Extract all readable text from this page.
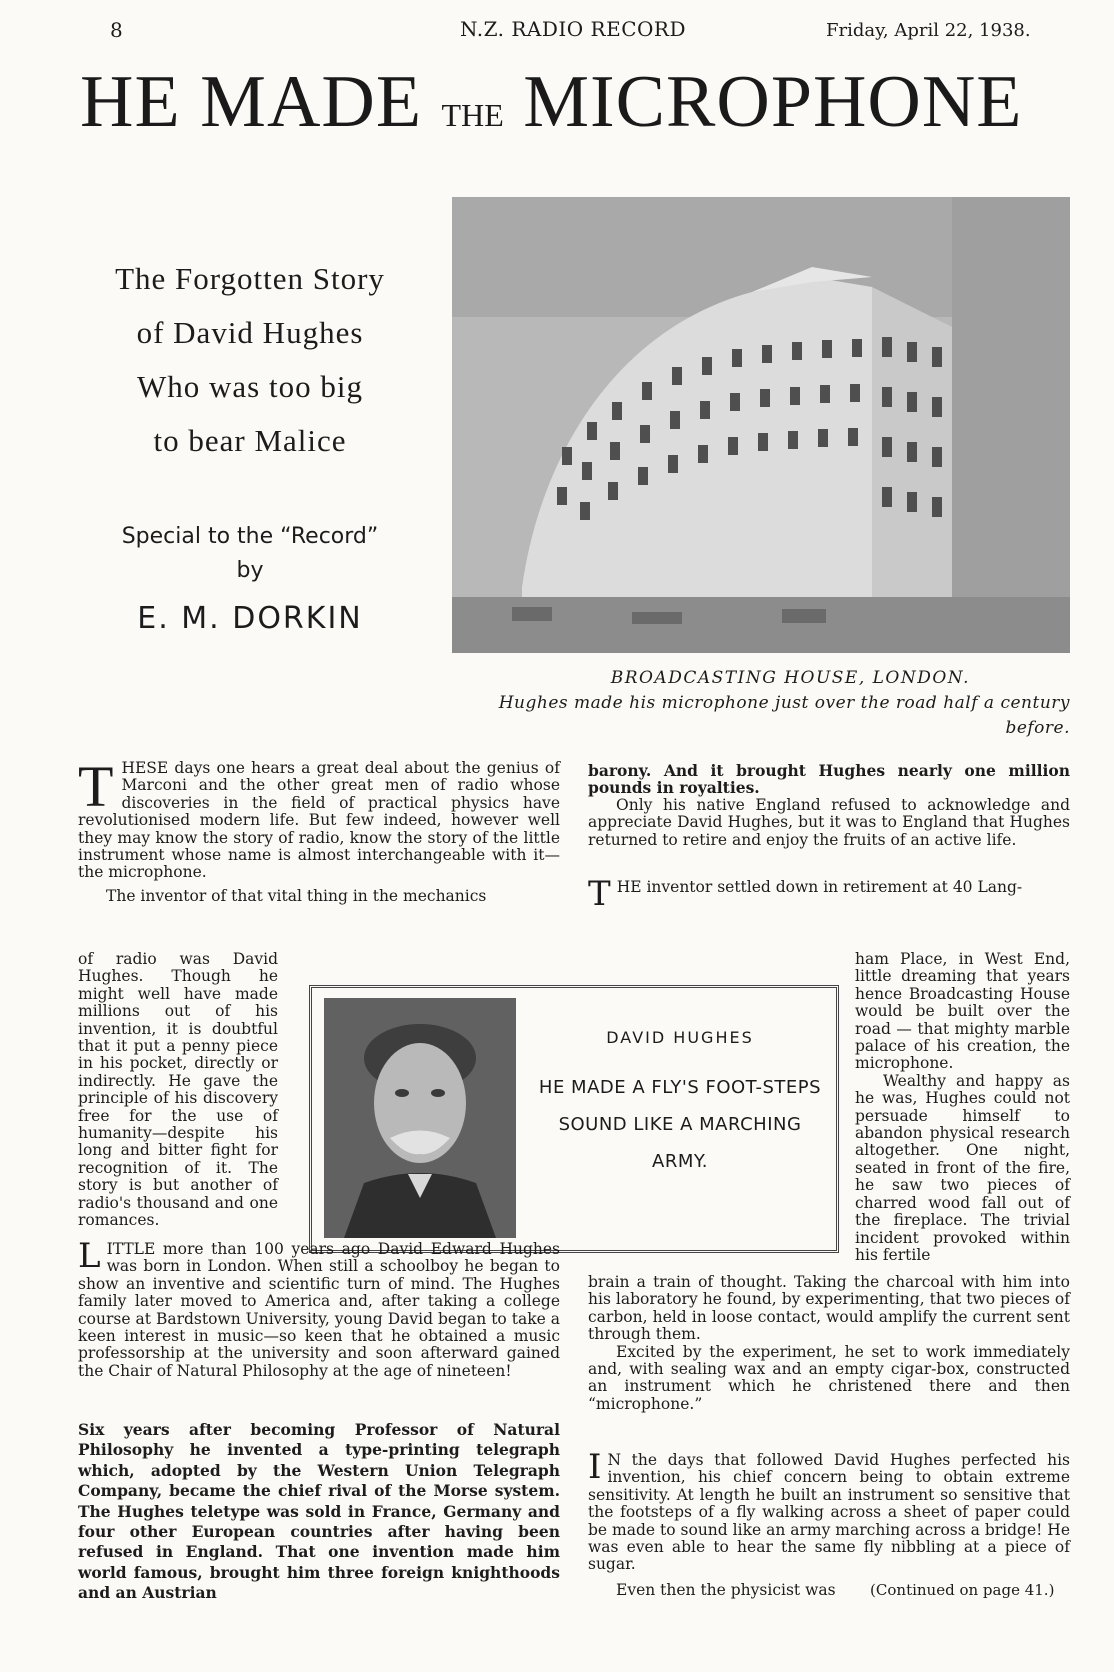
8	N.Z. RADIO RECORD	Friday, April 22, 1938.
HE MADE THE MICROPHONE
The Forgotten Story
of David Hughes
Who was too big
to bear Malice
Special to the “Record”
by
E. M. DORKIN
BROADCASTING HOUSE, LONDON.
Hughes made his microphone just over the road half a century before.

THESE days one hears a great deal about the genius of Marconi and the other great men of radio whose discoveries in the field of practical physics have revolutionised modern life. But few indeed, however well they may know the story of radio, know the story of the little instrument whose name is almost interchangeable with it—the microphone.

The inventor of that vital thing in the mechanics

of radio was David Hughes. Though he might well have made millions out of his invention, it is doubtful that it put a penny piece in his pocket, directly or indirectly. He gave the principle of his discovery free for the use of humanity—despite his long and bitter fight for recognition of it. The story is but another of radio's thousand and one romances.

barony. And it brought Hughes nearly one million pounds in royalties.

Only his native England refused to acknowledge and appreciate David Hughes, but it was to England that Hughes returned to retire and enjoy the fruits of an active life.

THE inventor settled down in retirement at 40 Lang-

ham Place, in West End, little dreaming that years hence Broadcasting House would be built over the road — that mighty marble palace of his creation, the microphone.

Wealthy and happy as he was, Hughes could not persuade himself to abandon physical research altogether. One night, seated in front of the fire, he saw two pieces of charred wood fall out of the fireplace. The trivial incident provoked within his fertile

DAVID HUGHES
HE MADE A FLY'S FOOT-STEPS SOUND LIKE A MARCHING ARMY.
LITTLE more than 100 years ago David Edward Hughes was born in London. When still a schoolboy he began to show an inventive and scientific turn of mind. The Hughes family later moved to America and, after taking a college course at Bardstown University, young David began to take a keen interest in music—so keen that he obtained a music professorship at the university and soon afterward gained the Chair of Natural Philosophy at the age of nineteen!
Six years after becoming Professor of Natural Philosophy he invented a type-printing telegraph which, adopted by the Western Union Telegraph Company, became the chief rival of the Morse system. The Hughes teletype was sold in France, Germany and four other European countries after having been refused in England. That one invention made him world famous, brought him three foreign knighthoods and an Austrian

brain a train of thought. Taking the charcoal with him into his laboratory he found, by experimenting, that two pieces of carbon, held in loose contact, would amplify the current sent through them.

Excited by the experiment, he set to work immediately and, with sealing wax and an empty cigar-box, constructed an instrument which he christened there and then “microphone.”

I N the days that followed David Hughes perfected his invention, his chief concern being to obtain extreme sensitivity. At length he built an instrument so sensitive that the footsteps of a fly walking across a sheet of paper could be made to sound like an army marching across a bridge! He was even able to hear the same fly nibbling at a piece of sugar.

Even then the physicist was (Continued on page 41.)
